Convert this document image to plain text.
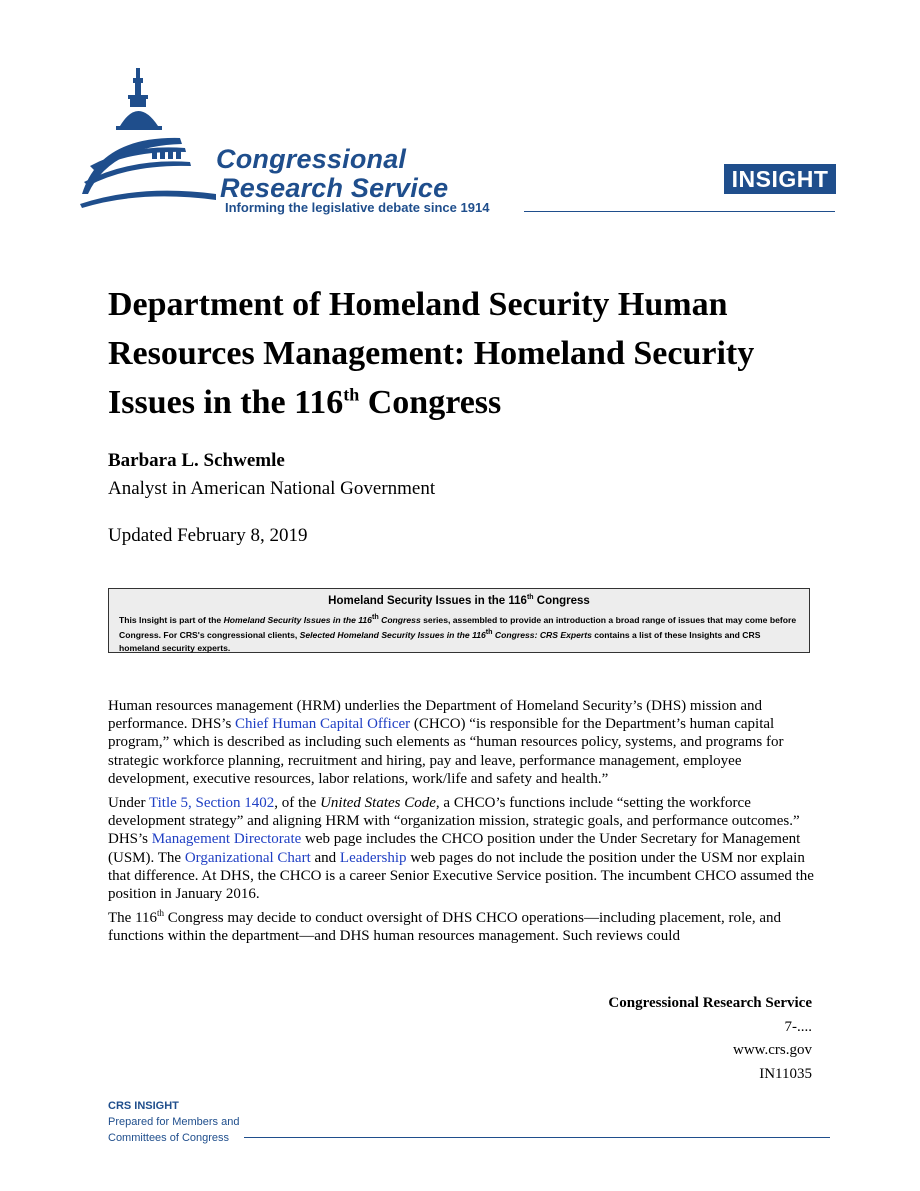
Congressional
Research Service
Informing the legislative debate since 1914
INSIGHT
Department of Homeland Security Human Resources Management: Homeland Security Issues in the 116th Congress
Barbara L. Schwemle
Analyst in American National Government
Updated February 8, 2019
Homeland Security Issues in the 116th Congress
This Insight is part of the Homeland Security Issues in the 116th Congress series, assembled to provide an introduction a broad range of issues that may come before Congress. For CRS's congressional clients, Selected Homeland Security Issues in the 116th Congress: CRS Experts contains a list of these Insights and CRS homeland security experts.

Human resources management (HRM) underlies the Department of Homeland Security’s (DHS) mission and performance. DHS’s Chief Human Capital Officer (CHCO) “is responsible for the Department’s human capital program,” which is described as including such elements as “human resources policy, systems, and programs for strategic workforce planning, recruitment and hiring, pay and leave, performance management, employee development, executive resources, labor relations, work/life and safety and health.”

Under Title 5, Section 1402, of the United States Code, a CHCO’s functions include “setting the workforce development strategy” and aligning HRM with “organization mission, strategic goals, and performance outcomes.” DHS’s Management Directorate web page includes the CHCO position under the Under Secretary for Management (USM). The Organizational Chart and Leadership web pages do not include the position under the USM nor explain that difference. At DHS, the CHCO is a career Senior Executive Service position. The incumbent CHCO assumed the position in January 2016.

The 116th Congress may decide to conduct oversight of DHS CHCO operations—including placement, role, and functions within the department—and DHS human resources management. Such reviews could

Congressional Research Service
7-....
www.crs.gov
IN11035
CRS INSIGHT
Prepared for Members and
Committees of Congress
